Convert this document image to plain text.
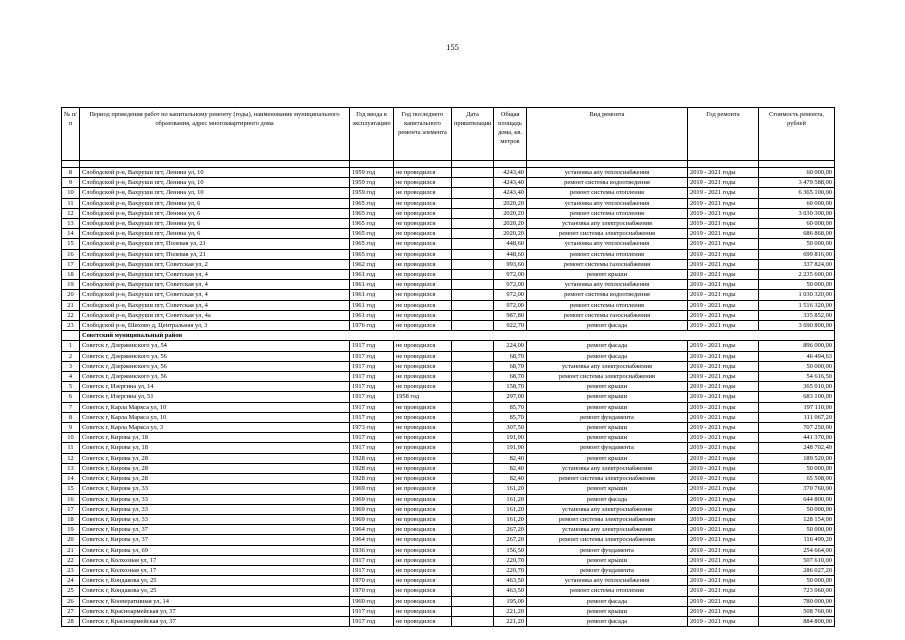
155
№ п/п	Период проведения работ по капитальному ремонту (годы), наименование муниципального образования, адрес многоквартирного дома	Год ввода в эксплуатацию	Год последнего капитального ремонта элемента	Дата приватизации	Общая площадь дома, кв. метров	Вид ремонта	Год ремонта	Стоимость ремонта, рублей

8	Слободской р-н, Вахруши пгт, Ленина ул, 10	1959 год	не проводился		4243,40	установка апу теплоснабжения	2019 - 2021 годы	60 000,00
9	Слободской р-н, Вахруши пгт, Ленина ул, 10	1959 год	не проводился		4243,40	ремонт системы водоотведения	2019 - 2021 годы	3 479 588,00
10	Слободской р-н, Вахруши пгт, Ленина ул, 10	1959 год	не проводился		4243,40	ремонт системы отопления	2019 - 2021 годы	6 365 100,00
11	Слободской р-н, Вахруши пгт, Ленина ул, 6	1965 год	не проводился		2020,20	установка апу теплоснабжения	2019 - 2021 годы	60 000,00
12	Слободской р-н, Вахруши пгт, Ленина ул, 6	1965 год	не проводился		2020,20	ремонт системы отопления	2019 - 2021 годы	3 030 300,00
13	Слободской р-н, Вахруши пгт, Ленина ул, 6	1965 год	не проводился		2020,20	установка апу электроснабжения	2019 - 2021 годы	60 000,00
14	Слободской р-н, Вахруши пгт, Ленина ул, 6	1965 год	не проводился		2020,20	ремонт системы электроснабжения	2019 - 2021 годы	686 868,00
15	Слободской р-н, Вахруши пгт, Полевая ул, 21	1965 год	не проводился		448,60	установка апу теплоснабжения	2019 - 2021 годы	50 000,00
16	Слободской р-н, Вахруши пгт, Полевая ул, 21	1965 год	не проводился		448,60	ремонт системы отопления	2019 - 2021 годы	699 816,00
17	Слободской р-н, Вахруши пгт, Советская ул, 2	1962 год	не проводился		993,60	ремонт системы газоснабжения	2019 - 2021 годы	337 824,00
18	Слободской р-н, Вахруши пгт, Советская ул, 4	1961 год	не проводился		972,00	ремонт крыши	2019 - 2021 годы	2 235 600,00
19	Слободской р-н, Вахруши пгт, Советская ул, 4	1961 год	не проводился		972,00	установка апу теплоснабжения	2019 - 2021 годы	50 000,00
20	Слободской р-н, Вахруши пгт, Советская ул, 4	1961 год	не проводился		972,00	ремонт системы водоотведения	2019 - 2021 годы	1 030 320,00
21	Слободской р-н, Вахруши пгт, Советская ул, 4	1961 год	не проводился		972,00	ремонт системы отопления	2019 - 2021 годы	1 516 320,00
22	Слободской р-н, Вахруши пгт, Советская ул, 4а	1961 год	не проводился		987,80	ремонт системы газоснабжения	2019 - 2021 годы	335 852,00
23	Слободской р-н, Шихово д, Центральная ул, 3	1976 год	не проводился		922,70	ремонт фасада	2019 - 2021 годы	3 690 800,00
	Советский муниципальный район							
1	Советск г, Дзержинского ул, 54	1917 год	не проводился		224,00	ремонт фасада	2019 - 2021 годы	896 000,00
2	Советск г, Дзержинского ул, 56	1917 год	не проводился		68,70	ремонт фасада	2019 - 2021 годы	46 494,63
3	Советск г, Дзержинского ул, 56	1917 год	не проводился		68,70	установка апу электроснабжения	2019 - 2021 годы	50 000,00
4	Советск г, Дзержинского ул, 56	1917 год	не проводился		68,70	ремонт системы электроснабжения	2019 - 2021 годы	54 616,50
5	Советск г, Изергина ул, 14	1917 год	не проводился		158,70	ремонт крыши	2019 - 2021 годы	365 010,00
6	Советск г, Изергина ул, 51	1917 год	1958 год		297,00	ремонт крыши	2019 - 2021 годы	683 100,00
7	Советск г, Карла Маркса ул, 10	1917 год	не проводился		85,70	ремонт крыши	2019 - 2021 годы	197 110,00
8	Советск г, Карла Маркса ул, 10	1917 год	не проводился		85,70	ремонт фундамента	2019 - 2021 годы	111 067,20
9	Советск г, Карла Маркса ул, 3	1973 год	не проводился		307,50	ремонт крыши	2019 - 2021 годы	707 250,00
10	Советск г, Кирова ул, 18	1917 год	не проводился		191,90	ремонт крыши	2019 - 2021 годы	441 370,00
11	Советск г, Кирова ул, 18	1917 год	не проводился		191,90	ремонт фундамента	2019 - 2021 годы	248 702,40
12	Советск г, Кирова ул, 28	1928 год	не проводился		82,40	ремонт крыши	2019 - 2021 годы	189 520,00
13	Советск г, Кирова ул, 28	1928 год	не проводился		82,40	установка апу электроснабжения	2019 - 2021 годы	50 000,00
14	Советск г, Кирова ул, 28	1928 год	не проводился		82,40	ремонт системы электроснабжения	2019 - 2021 годы	65 508,00
15	Советск г, Кирова ул, 33	1969 год	не проводился		161,20	ремонт крыши	2019 - 2021 годы	370 760,00
16	Советск г, Кирова ул, 33	1969 год	не проводился		161,20	ремонт фасада	2019 - 2021 годы	644 800,00
17	Советск г, Кирова ул, 33	1969 год	не проводился		161,20	установка апу электроснабжения	2019 - 2021 годы	50 000,00
18	Советск г, Кирова ул, 33	1969 год	не проводился		161,20	ремонт системы электроснабжения	2019 - 2021 годы	128 154,00
19	Советск г, Кирова ул, 37	1964 год	не проводился		267,20	установка апу электроснабжения	2019 - 2021 годы	50 000,00
20	Советск г, Кирова ул, 37	1964 год	не проводился		267,20	ремонт системы электроснабжения	2019 - 2021 годы	116 499,20
21	Советск г, Кирова ул, 69	1936 год	не проводился		156,50	ремонт фундамента	2019 - 2021 годы	254 664,00
22	Советск г, Колхозная ул, 17	1917 год	не проводился		220,70	ремонт крыши	2019 - 2021 годы	507 610,00
23	Советск г, Колхозная ул, 17	1917 год	не проводился		220,70	ремонт фундамента	2019 - 2021 годы	286 027,20
24	Советск г, Кондакова ул, 25	1970 год	не проводился		463,50	установка апу теплоснабжения	2019 - 2021 годы	50 000,00
25	Советск г, Кондакова ул, 25	1970 год	не проводился		463,50	ремонт системы отопления	2019 - 2021 годы	723 060,00
26	Советск г, Кооперативная ул, 14	1960 год	не проводился		195,00	ремонт фасада	2019 - 2021 годы	780 000,00
27	Советск г, Красноармейская ул, 37	1917 год	не проводился		221,20	ремонт крыши	2019 - 2021 годы	508 760,00
28	Советск г, Красноармейская ул, 37	1917 год	не проводился		221,20	ремонт фасада	2019 - 2021 годы	884 800,00
